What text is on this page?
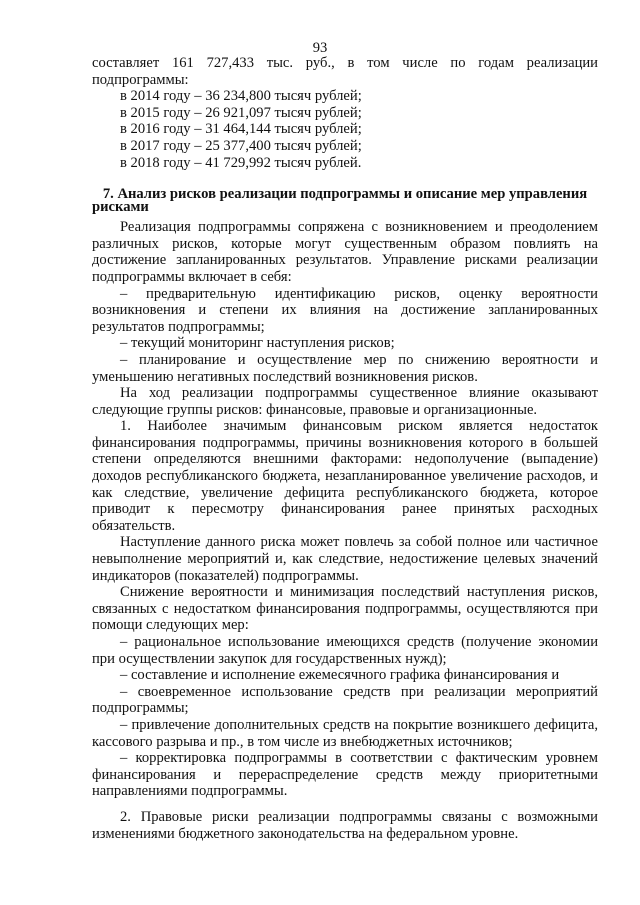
93

составляет 161 727,433 тыс. руб., в том числе по годам реализации подпрограммы:

в 2014 году – 36 234,800 тысяч рублей;

в 2015 году – 26 921,097 тысяч рублей;

в 2016 году – 31 464,144 тысяч рублей;

в 2017 году – 25 377,400 тысяч рублей;

в 2018 году – 41 729,992 тысяч рублей.

7. Анализ рисков реализации подпрограммы и описание мер управления рисками

Реализация подпрограммы сопряжена с возникновением и преодолением различных рисков, которые могут существенным образом повлиять на достижение запланированных результатов. Управление рисками реализации подпрограммы включает в себя:

– предварительную идентификацию рисков, оценку вероятности возникновения и степени их влияния на достижение запланированных результатов подпрограммы;

– текущий мониторинг наступления рисков;

– планирование и осуществление мер по снижению вероятности и уменьшению негативных последствий возникновения рисков.

На ход реализации подпрограммы существенное влияние оказывают следующие группы рисков: финансовые, правовые и организационные.

1. Наиболее значимым финансовым риском является недостаток финансирования подпрограммы, причины возникновения которого в большей степени определяются внешними факторами: недополучение (выпадение) доходов республиканского бюджета, незапланированное увеличение расходов, и как следствие, увеличение дефицита республиканского бюджета, которое приводит к пересмотру финансирования ранее принятых расходных обязательств.

Наступление данного риска может повлечь за собой полное или частичное невыполнение мероприятий и, как следствие, недостижение целевых значений индикаторов (показателей) подпрограммы.

Снижение вероятности и минимизация последствий наступления рисков, связанных с недостатком финансирования подпрограммы, осуществляются при помощи следующих мер:

– рациональное использование имеющихся средств (получение экономии при осуществлении закупок для государственных нужд);

– составление и исполнение ежемесячного графика финансирования и

– своевременное использование средств при реализации мероприятий подпрограммы;

– привлечение дополнительных средств на покрытие возникшего дефицита, кассового разрыва и пр., в том числе из внебюджетных источников;

– корректировка подпрограммы в соответствии с фактическим уровнем финансирования и перераспределение средств между приоритетными направлениями подпрограммы.

2. Правовые риски реализации подпрограммы связаны с возможными изменениями бюджетного законодательства на федеральном уровне.
